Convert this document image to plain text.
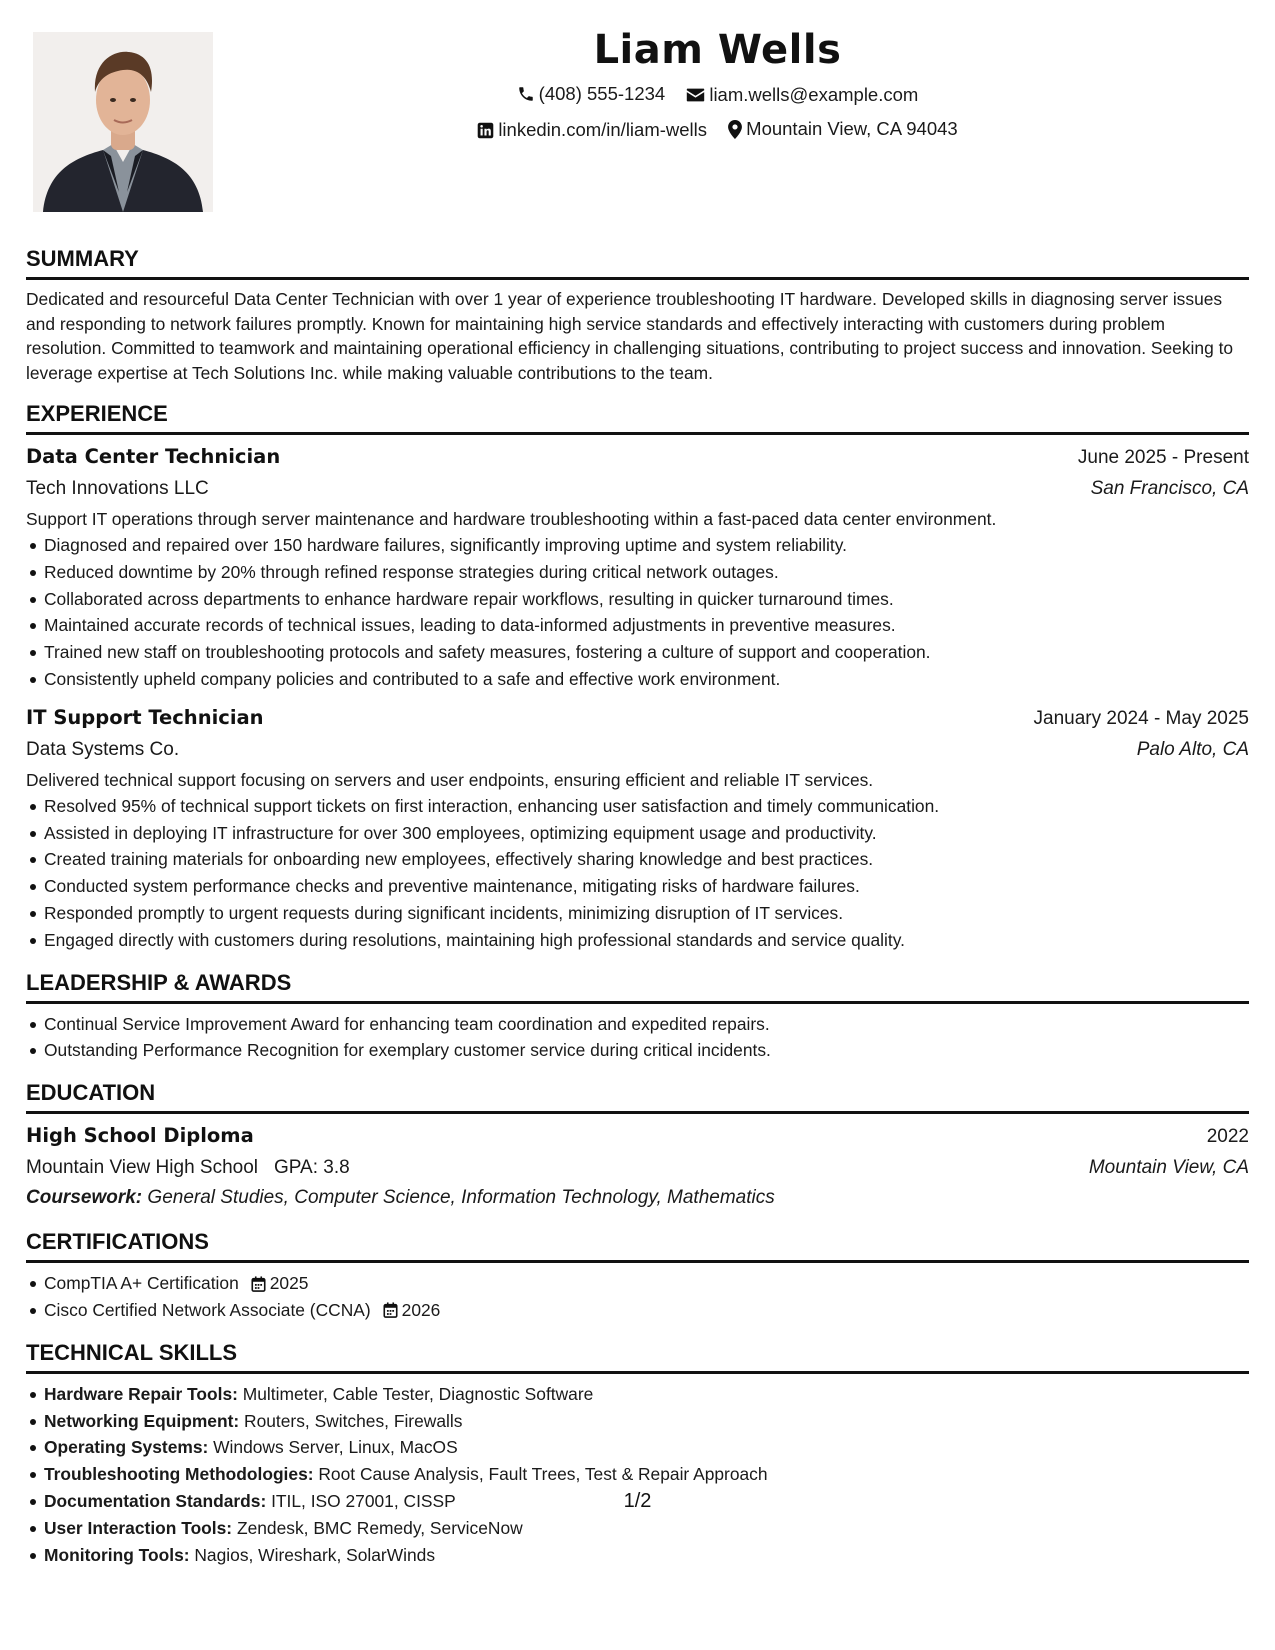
Liam Wells
(408) 555-1234
liam.wells@example.com
linkedin.com/in/liam-wells
Mountain View, CA 94043
SUMMARY
Dedicated and resourceful Data Center Technician with over 1 year of experience troubleshooting IT hardware. Developed skills in diagnosing server issues and responding to network failures promptly. Known for maintaining high service standards and effectively interacting with customers during problem resolution. Committed to teamwork and maintaining operational efficiency in challenging situations, contributing to project success and innovation. Seeking to leverage expertise at Tech Solutions Inc. while making valuable contributions to the team.
EXPERIENCE
Data Center Technician	June 2025 - Present
Tech Innovations LLC	San Francisco, CA
Support IT operations through server maintenance and hardware troubleshooting within a fast-paced data center environment.
Diagnosed and repaired over 150 hardware failures, significantly improving uptime and system reliability.
Reduced downtime by 20% through refined response strategies during critical network outages.
Collaborated across departments to enhance hardware repair workflows, resulting in quicker turnaround times.
Maintained accurate records of technical issues, leading to data-informed adjustments in preventive measures.
Trained new staff on troubleshooting protocols and safety measures, fostering a culture of support and cooperation.
Consistently upheld company policies and contributed to a safe and effective work environment.
IT Support Technician	January 2024 - May 2025
Data Systems Co.	Palo Alto, CA
Delivered technical support focusing on servers and user endpoints, ensuring efficient and reliable IT services.
Resolved 95% of technical support tickets on first interaction, enhancing user satisfaction and timely communication.
Assisted in deploying IT infrastructure for over 300 employees, optimizing equipment usage and productivity.
Created training materials for onboarding new employees, effectively sharing knowledge and best practices.
Conducted system performance checks and preventive maintenance, mitigating risks of hardware failures.
Responded promptly to urgent requests during significant incidents, minimizing disruption of IT services.
Engaged directly with customers during resolutions, maintaining high professional standards and service quality.
LEADERSHIP & AWARDS
Continual Service Improvement Award for enhancing team coordination and expedited repairs.
Outstanding Performance Recognition for exemplary customer service during critical incidents.
EDUCATION
High School Diploma	2022
Mountain View High School GPA: 3.8	Mountain View, CA
Coursework: General Studies, Computer Science, Information Technology, Mathematics
CERTIFICATIONS
CompTIA A+ Certification 2025
Cisco Certified Network Associate (CCNA) 2026
TECHNICAL SKILLS
Hardware Repair Tools: Multimeter, Cable Tester, Diagnostic Software
Networking Equipment: Routers, Switches, Firewalls
Operating Systems: Windows Server, Linux, MacOS
Troubleshooting Methodologies: Root Cause Analysis, Fault Trees, Test & Repair Approach
Documentation Standards: ITIL, ISO 27001, CISSP
User Interaction Tools: Zendesk, BMC Remedy, ServiceNow
Monitoring Tools: Nagios, Wireshark, SolarWinds
1/2
